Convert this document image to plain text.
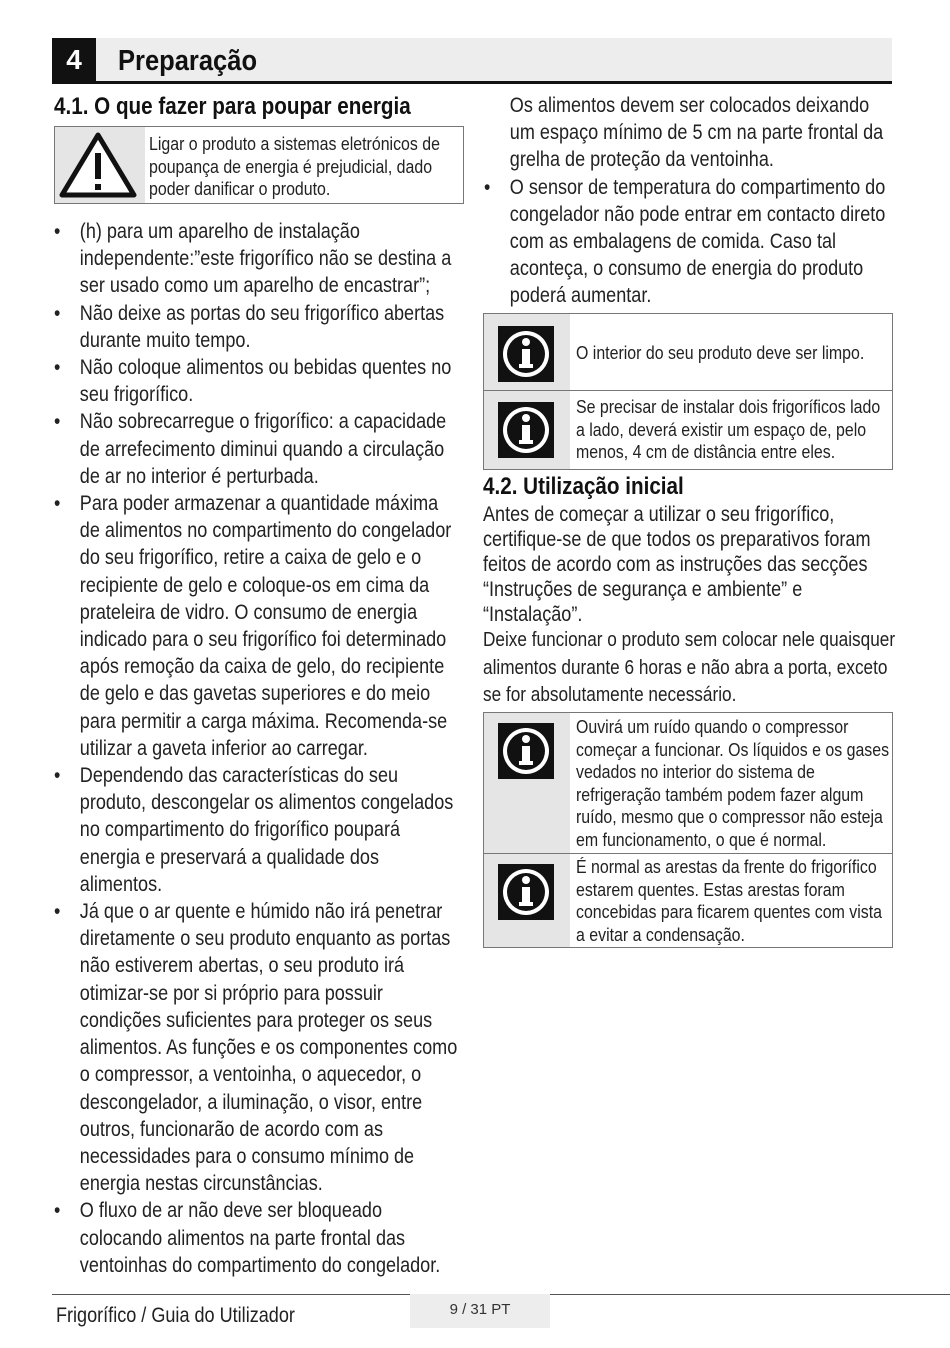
4	Preparação
4.1. O que fazer para poupar energia
Ligar o produto a sistemas eletrónicos de poupança de energia é prejudicial, dado poder danificar o produto.
• (h) para um aparelho de instalação independente:”este frigorífico não se destina a ser usado como um aparelho de encastrar”;
• Não deixe as portas do seu frigorífico abertas durante muito tempo.
• Não coloque alimentos ou bebidas quentes no seu frigorífico.
• Não sobrecarregue o frigorífico: a capacidade de arrefecimento diminui quando a circulação de ar no interior é perturbada.
• Para poder armazenar a quantidade máxima de alimentos no compartimento do congelador do seu frigorífico, retire a caixa de gelo e o recipiente de gelo e coloque-os em cima da prateleira de vidro. O consumo de energia indicado para o seu frigorífico foi determinado após remoção da caixa de gelo, do recipiente de gelo e das gavetas superiores e do meio para permitir a carga máxima. Recomenda-se utilizar a gaveta inferior ao carregar.
• Dependendo das características do seu produto, descongelar os alimentos congelados no compartimento do frigorífico poupará energia e preservará a qualidade dos alimentos.
• Já que o ar quente e húmido não irá penetrar diretamente o seu produto enquanto as portas não estiverem abertas, o seu produto irá otimizar-se por si próprio para possuir condições suficientes para proteger os seus alimentos. As funções e os componentes como o compressor, a ventoinha, o aquecedor, o descongelador, a iluminação, o visor, entre outros, funcionarão de acordo com as necessidades para o consumo mínimo de energia nestas circunstâncias.
• O fluxo de ar não deve ser bloqueado colocando alimentos na parte frontal das ventoinhas do compartimento do congelador.
Os alimentos devem ser colocados deixando um espaço mínimo de 5 cm na parte frontal da grelha de proteção da ventoinha.
• O sensor de temperatura do compartimento do congelador não pode entrar em contacto direto com as embalagens de comida. Caso tal aconteça, o consumo de energia do produto poderá aumentar.
O interior do seu produto deve ser limpo.
Se precisar de instalar dois frigoríficos lado a lado, deverá existir um espaço de, pelo menos, 4 cm de distância entre eles.
4.2. Utilização inicial
Antes de começar a utilizar o seu frigorífico, certifique-se de que todos os preparativos foram feitos de acordo com as instruções das secções “Instruções de segurança e ambiente” e “Instalação”.
Deixe funcionar o produto sem colocar nele quaisquer alimentos durante 6 horas e não abra a porta, exceto se for absolutamente necessário.
Ouvirá um ruído quando o compressor começar a funcionar. Os líquidos e os gases vedados no interior do sistema de refrigeração também podem fazer algum ruído, mesmo que o compressor não esteja em funcionamento, o que é normal.
É normal as arestas da frente do frigorífico estarem quentes. Estas arestas foram concebidas para ficarem quentes com vista a evitar a condensação.
Frigorífico / Guia do Utilizador	9 / 31 PT
